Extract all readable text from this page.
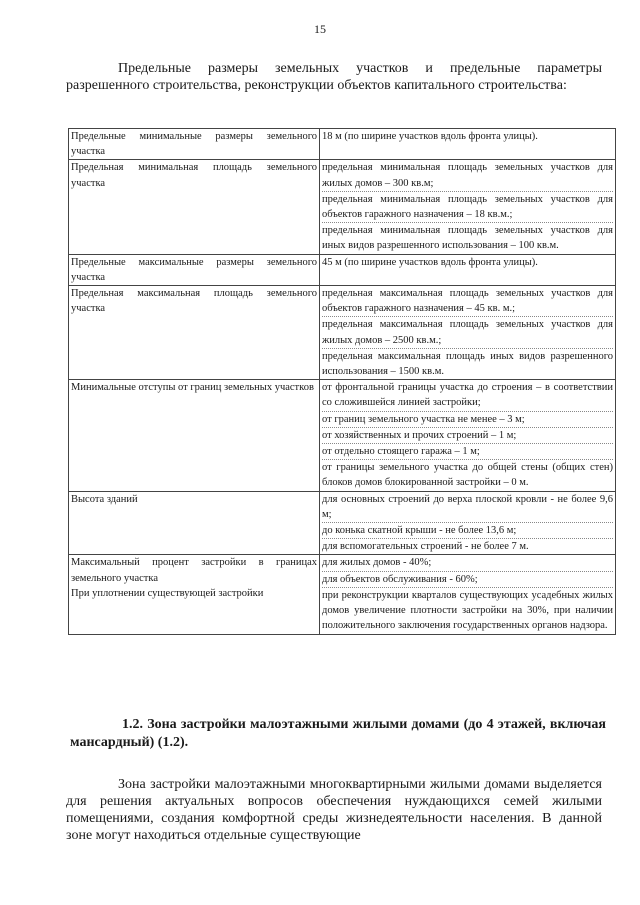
15

Предельные размеры земельных участков и предельные параметры разрешенного строительства, реконструкции объектов капитального строительства:

Предельные минимальные размеры земельного участка	18 м (по ширине участков вдоль фронта улицы).

Предельная минимальная площадь земельного участка	предельная минимальная площадь земельных участков для жилых домов – 300 кв.м;
предельная минимальная площадь земельных участков для объектов гаражного назначения – 18 кв.м.;
предельная минимальная площадь земельных участков для иных видов разрешенного использования – 100 кв.м.

Предельные максимальные размеры земельного участка	45 м (по ширине участков вдоль фронта улицы).

Предельная максимальная площадь земельного участка	предельная максимальная площадь земельных участков для объектов гаражного назначения – 45 кв. м.;
предельная максимальная площадь земельных участков для жилых домов – 2500 кв.м.;
предельная максимальная площадь иных видов разрешенного использования – 1500 кв.м.

Минимальные отступы от границ земельных участков	от фронтальной границы участка до строения – в соответствии со сложившейся линией застройки;
от границ земельного участка не менее – 3 м;
от хозяйственных и прочих строений – 1 м;
от отдельно стоящего гаража – 1 м;
от границы земельного участка до общей стены (общих стен) блоков домов блокированной застройки – 0 м.

Высота зданий	для основных строений до верха плоской кровли - не более 9,6 м;
до конька скатной крыши - не более 13,6 м;
для вспомогательных строений - не более 7 м.

Максимальный процент застройки в границах земельного участка
При уплотнении существующей застройки	для жилых домов - 40%;
для объектов обслуживания - 60%;
при реконструкции кварталов существующих усадебных жилых домов увеличение плотности застройки на 30%, при наличии положительного заключения государственных органов надзора.
1.2. Зона застройки малоэтажными жилыми домами (до 4 этажей, включая мансардный) (1.2).

Зона застройки малоэтажными многоквартирными жилыми домами выделяется для решения актуальных вопросов обеспечения нуждающихся семей жилыми помещениями, создания комфортной среды жизнедеятельности населения. В данной зоне могут находиться отдельные существующие
